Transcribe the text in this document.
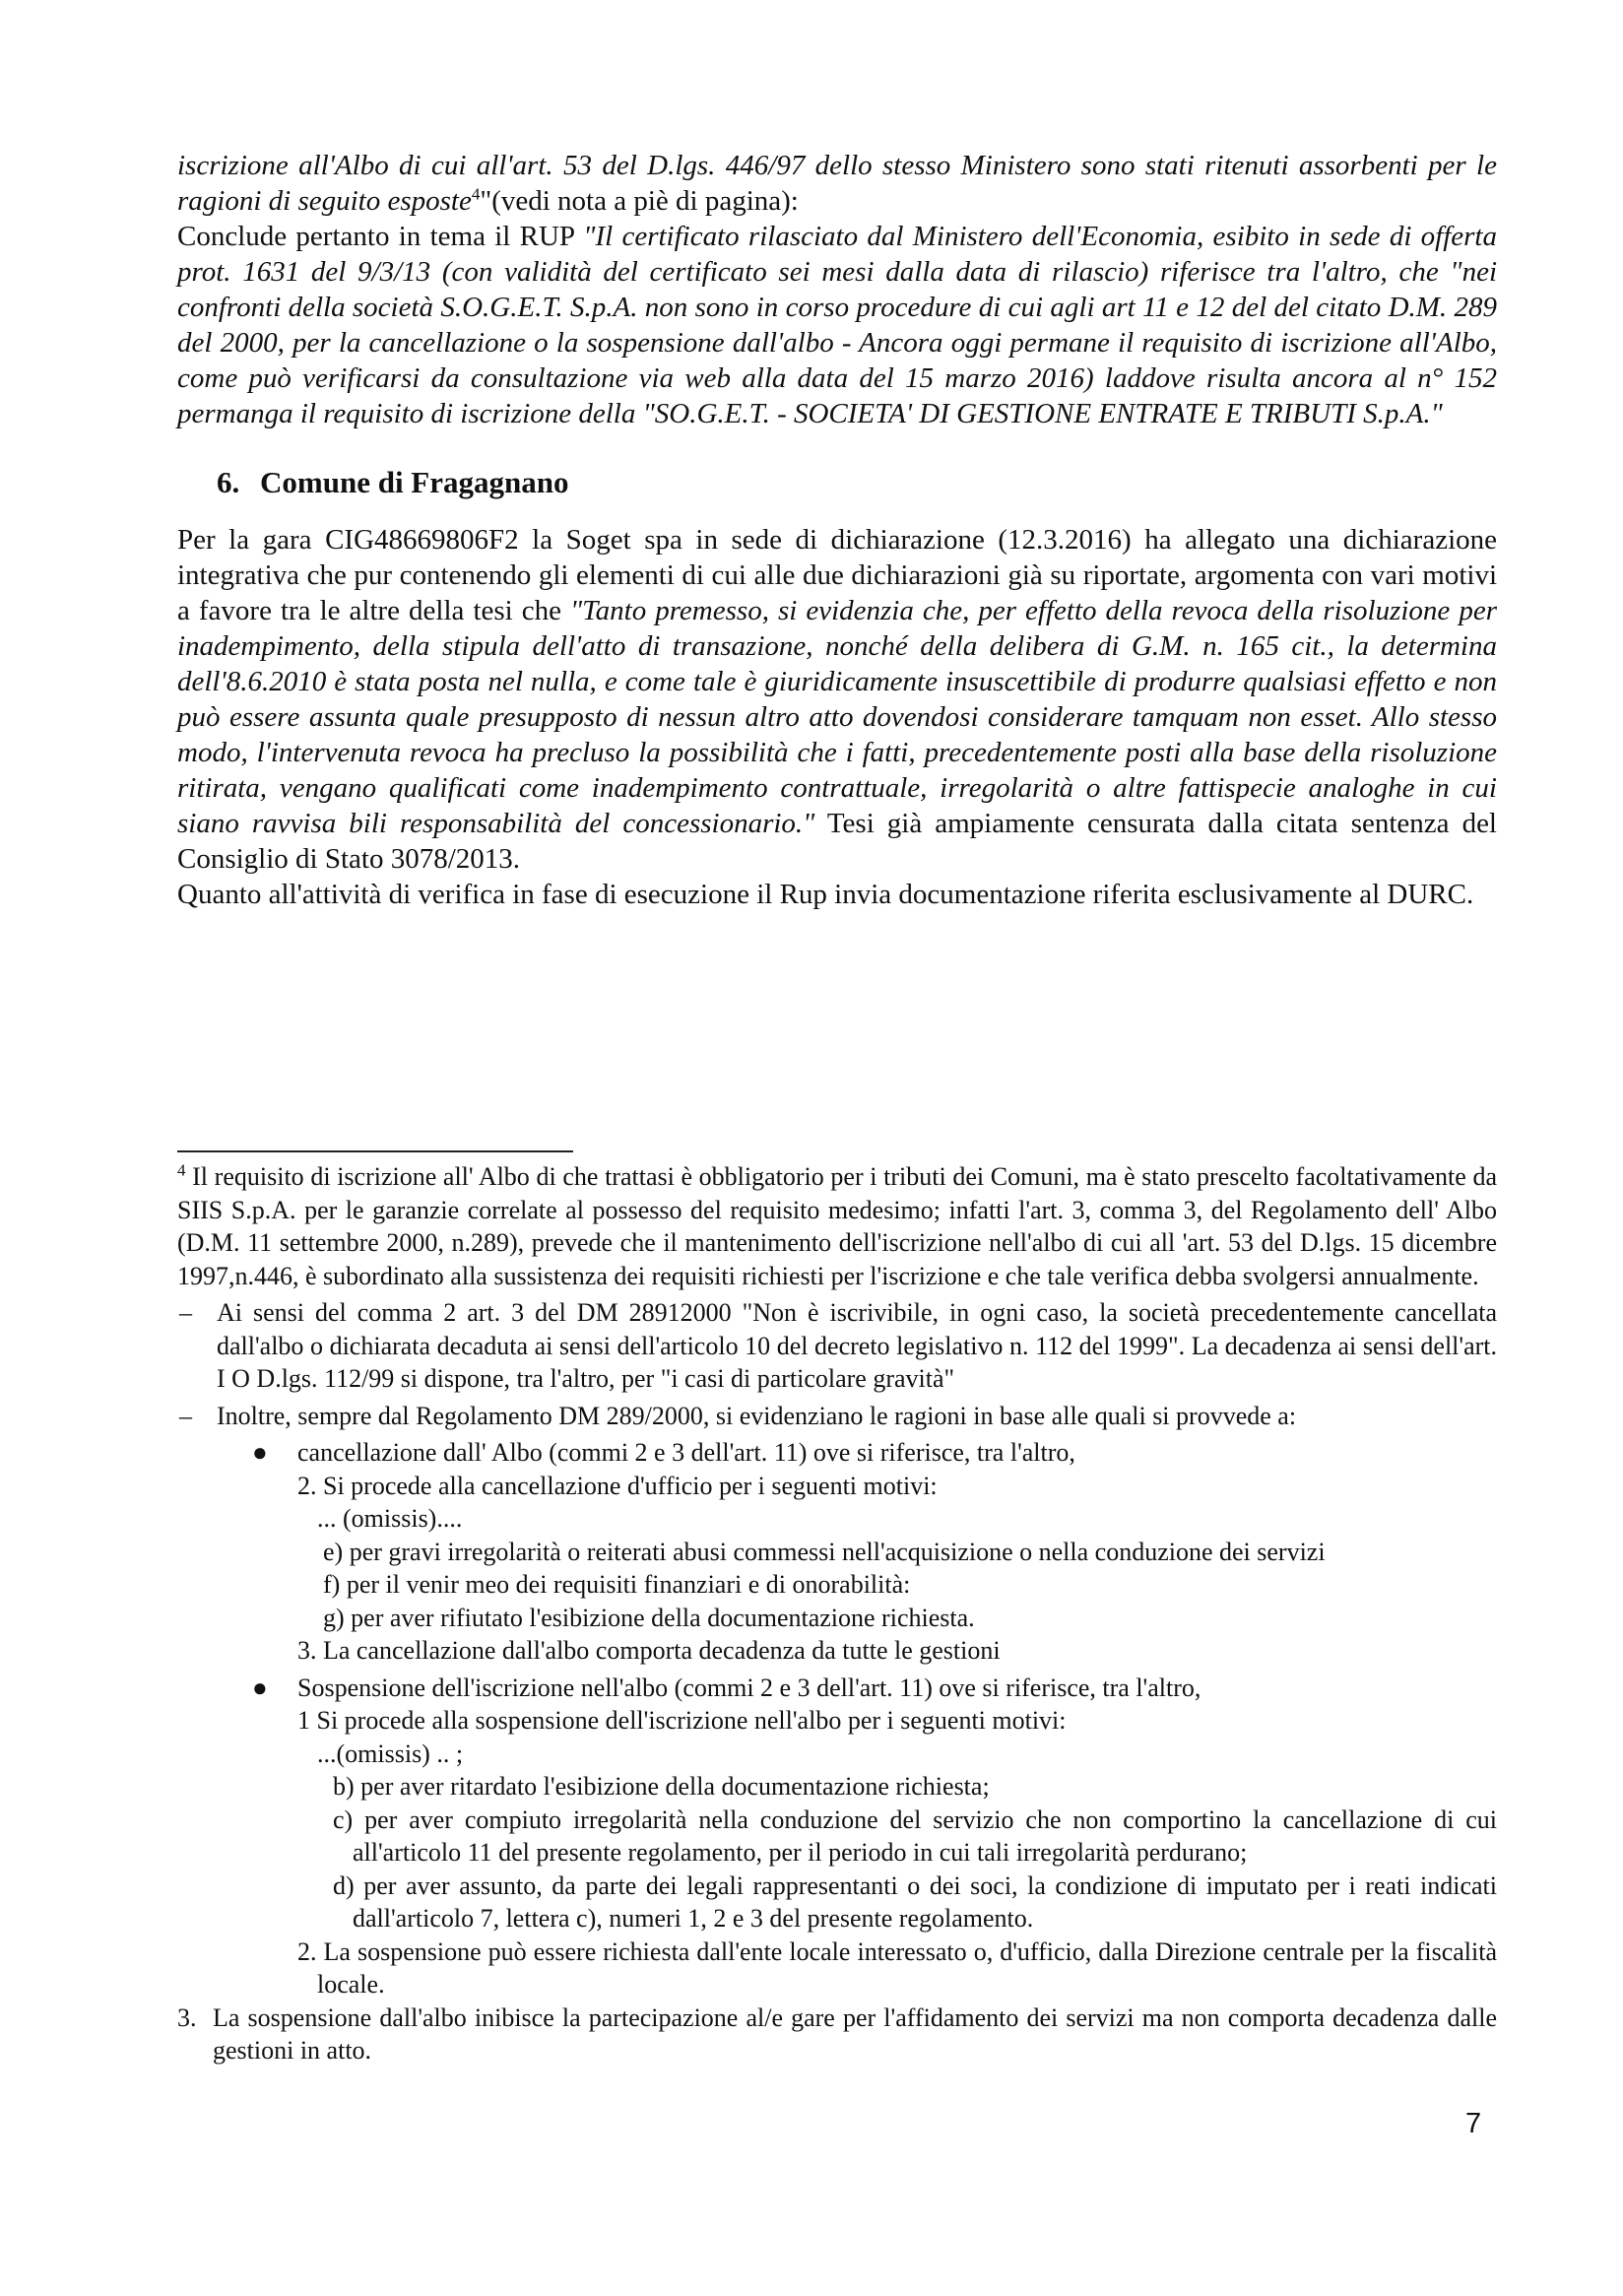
iscrizione all'Albo di cui all'art. 53 del D.lgs. 446/97 dello stesso Ministero sono stati ritenuti assorbenti per le ragioni di seguito esposte$^4$"(vedi nota a piè di pagina):

Conclude pertanto in tema il RUP "Il certificato rilasciato dal Ministero dell'Economia, esibito in sede di offerta prot. 1631 del 9/3/13 (con validità del certificato sei mesi dalla data di rilascio) riferisce tra l'altro, che "nei confronti della società S.O.G.E.T. S.p.A. non sono in corso procedure di cui agli art 11 e 12 del del citato D.M. 289 del 2000, per la cancellazione o la sospensione dall'albo - Ancora oggi permane il requisito di iscrizione all'Albo, come può verificarsi da consultazione via web alla data del 15 marzo 2016) laddove risulta ancora al n° 152 permanga il requisito di iscrizione della "SO.G.E.T. - SOCIETA' DI GESTIONE ENTRATE E TRIBUTI S.p.A."

6. Comune di Fragagnano

Per la gara CIG48669806F2 la Soget spa in sede di dichiarazione (12.3.2016) ha allegato una dichiarazione integrativa che pur contenendo gli elementi di cui alle due dichiarazioni già su riportate, argomenta con vari motivi a favore tra le altre della tesi che "Tanto premesso, si evidenzia che, per effetto della revoca della risoluzione per inadempimento, della stipula dell'atto di transazione, nonché della delibera di G.M. n. 165 cit., la determina dell'8.6.2010 è stata posta nel nulla, e come tale è giuridicamente insuscettibile di produrre qualsiasi effetto e non può essere assunta quale presupposto di nessun altro atto dovendosi considerare tamquam non esset. Allo stesso modo, l'intervenuta revoca ha precluso la possibilità che i fatti, precedentemente posti alla base della risoluzione ritirata, vengano qualificati come inadempimento contrattuale, irregolarità o altre fattispecie analoghe in cui siano ravvisa bili responsabilità del concessionario." Tesi già ampiamente censurata dalla citata sentenza del Consiglio di Stato 3078/2013.

Quanto all'attività di verifica in fase di esecuzione il Rup invia documentazione riferita esclusivamente al DURC.

$^4$ Il requisito di iscrizione all' Albo di che trattasi è obbligatorio per i tributi dei Comuni, ma è stato prescelto facoltativamente da SIIS S.p.A. per le garanzie correlate al possesso del requisito medesimo; infatti l'art. 3, comma 3, del Regolamento dell' Albo (D.M. 11 settembre 2000, n.289), prevede che il mantenimento dell'iscrizione nell'albo di cui all 'art. 53 del D.lgs. 15 dicembre 1997,n.446, è subordinato alla sussistenza dei requisiti richiesti per l'iscrizione e che tale verifica debba svolgersi annualmente.

– Ai sensi del comma 2 art. 3 del DM 28912000 "Non è iscrivibile, in ogni caso, la società precedentemente cancellata dall'albo o dichiarata decaduta ai sensi dell'articolo 10 del decreto legislativo n. 112 del 1999". La decadenza ai sensi dell'art. I O D.lgs. 112/99 si dispone, tra l'altro, per "i casi di particolare gravità"
– Inoltre, sempre dal Regolamento DM 289/2000, si evidenziano le ragioni in base alle quali si provvede a:
●	cancellazione dall' Albo (commi 2 e 3 dell'art. 11) ove si riferisce, tra l'altro,
2. Si procede alla cancellazione d'ufficio per i seguenti motivi:
... (omissis)....
e) per gravi irregolarità o reiterati abusi commessi nell'acquisizione o nella conduzione dei servizi
f) per il venir meo dei requisiti finanziari e di onorabilità:
g) per aver rifiutato l'esibizione della documentazione richiesta.
3. La cancellazione dall'albo comporta decadenza da tutte le gestioni
●	Sospensione dell'iscrizione nell'albo (commi 2 e 3 dell'art. 11) ove si riferisce, tra l'altro,
1 Si procede alla sospensione dell'iscrizione nell'albo per i seguenti motivi:
...(omissis) .. ;
b) per aver ritardato l'esibizione della documentazione richiesta;
c) per aver compiuto irregolarità nella conduzione del servizio che non comportino la cancellazione di cui all'articolo 11 del presente regolamento, per il periodo in cui tali irregolarità perdurano;
d) per aver assunto, da parte dei legali rappresentanti o dei soci, la condizione di imputato per i reati indicati dall'articolo 7, lettera c), numeri 1, 2 e 3 del presente regolamento.
2. La sospensione può essere richiesta dall'ente locale interessato o, d'ufficio, dalla Direzione centrale per la fiscalità locale.
3. La sospensione dall'albo inibisce la partecipazione al/e gare per l'affidamento dei servizi ma non comporta decadenza dalle gestioni in atto.
7
